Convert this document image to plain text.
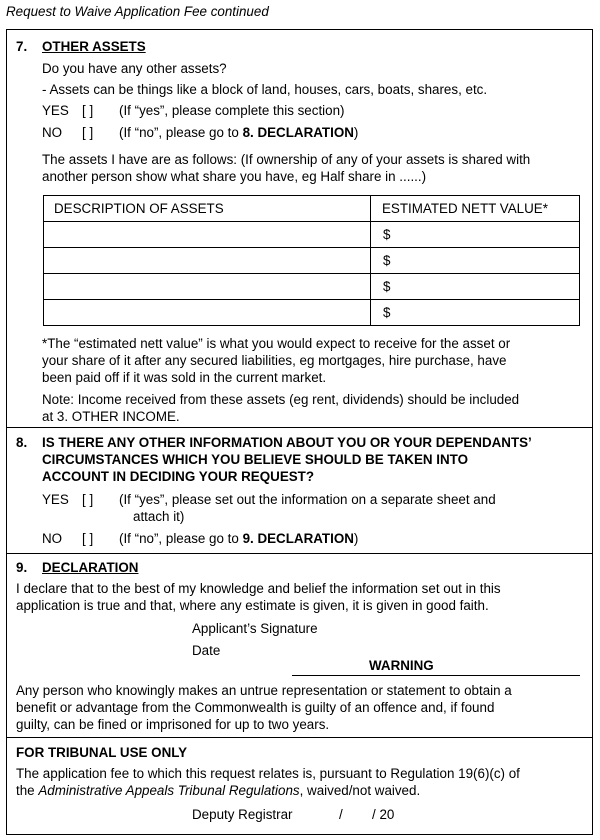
Request to Waive Application Fee continued
7. OTHER ASSETS
Do you have any other assets?
- Assets can be things like a block of land, houses, cars, boats, shares, etc.
YES [ ] (If “yes”, please complete this section)
NO [ ] (If “no”, please go to 8. DECLARATION)
The assets I have are as follows: (If ownership of any of your assets is shared with
another person show what share you have, eg Half share in ......)
DESCRIPTION OF ASSETS	ESTIMATED NETT VALUE*
	$
	$
	$
	$
*The “estimated nett value” is what you would expect to receive for the asset or
your share of it after any secured liabilities, eg mortgages, hire purchase, have
been paid off if it was sold in the current market.
Note: Income received from these assets (eg rent, dividends) should be included
at 3. OTHER INCOME.
8. IS THERE ANY OTHER INFORMATION ABOUT YOU OR YOUR DEPENDANTS’
CIRCUMSTANCES WHICH YOU BELIEVE SHOULD BE TAKEN INTO
ACCOUNT IN DECIDING YOUR REQUEST?
YES [ ] (If “yes”, please set out the information on a separate sheet and
attach it)
NO [ ] (If “no”, please go to 9. DECLARATION)
9. DECLARATION
I declare that to the best of my knowledge and belief the information set out in this
application is true and that, where any estimate is given, it is given in good faith.
Applicant’s Signature
Date
WARNING
Any person who knowingly makes an untrue representation or statement to obtain a
benefit or advantage from the Commonwealth is guilty of an offence and, if found
guilty, can be fined or imprisoned for up to two years.
FOR TRIBUNAL USE ONLY
The application fee to which this request relates is, pursuant to Regulation 19(6)(c) of
the Administrative Appeals Tribunal Regulations, waived/not waived.
Deputy Registrar	/ / 20
